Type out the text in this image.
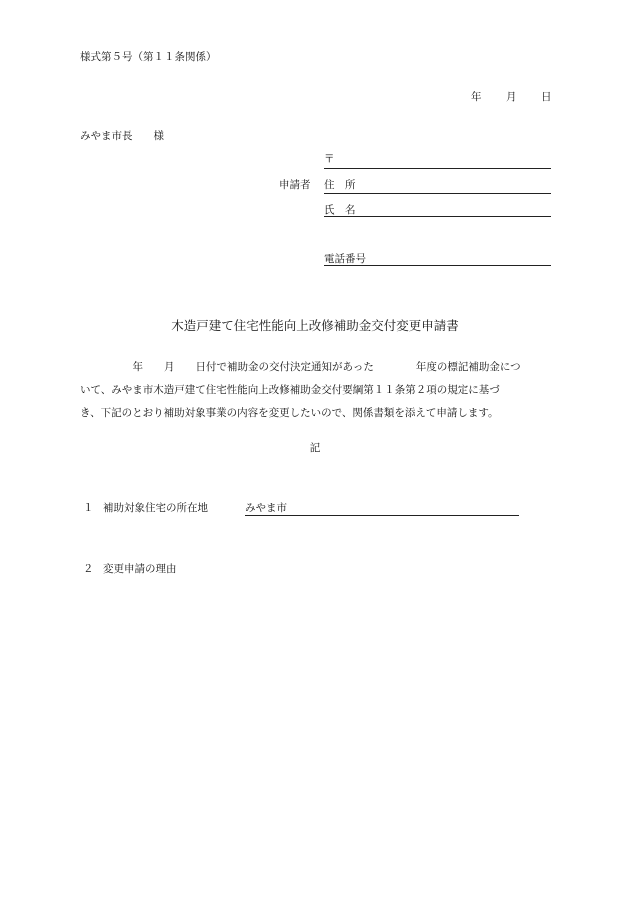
様式第５号（第１１条関係）
年 月 日
みやま市長　　様
〒
申請者 住　所
氏　名
電話番号
木造戸建て住宅性能向上改修補助金交付変更申請書

　　　　　年　　月　　日付で補助金の交付決定通知があった　　　　年度の標記補助金につ

いて、みやま市木造戸建て住宅性能向上改修補助金交付要綱第１１条第２項の規定に基づ

き、下記のとおり補助対象事業の内容を変更したいので、関係書類を添えて申請します。

記
１ 補助対象住宅の所在地	みやま市
２ 変更申請の理由
